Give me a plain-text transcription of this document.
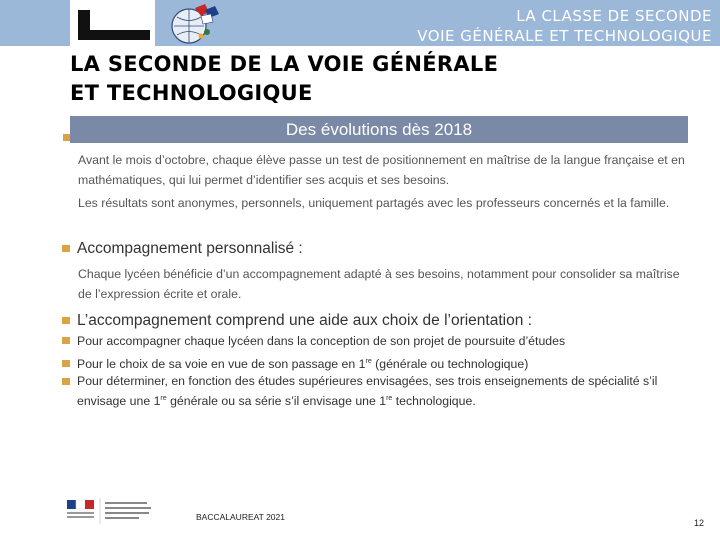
LA CLASSE DE SECONDE
VOIE GÉNÉRALE ET TECHNOLOGIQUE
LA SECONDE DE LA VOIE GÉNÉRALE
ET TECHNOLOGIQUE
Des évolutions dès 2018
Avant le mois d’octobre, chaque élève passe un test de positionnement en maîtrise de la langue française et en mathématiques, qui lui permet d’identifier ses acquis et ses besoins.
Les résultats sont anonymes, personnels, uniquement partagés avec les professeurs concernés et la famille.
Accompagnement personnalisé :
Chaque lycéen bénéficie d’un accompagnement adapté à ses besoins, notamment pour consolider sa maîtrise de l’expression écrite et orale.
L’accompagnement comprend une aide aux choix de l’orientation :
Pour accompagner chaque lycéen dans la conception de son projet de poursuite d’études
Pour le choix de sa voie en vue de son passage en 1re (générale ou technologique)
Pour déterminer, en fonction des études supérieures envisagées, ses trois enseignements de spécialité s’il envisage une 1re générale ou sa série s’il envisage une 1re technologique.
BACCALAUREAT 2021
12
